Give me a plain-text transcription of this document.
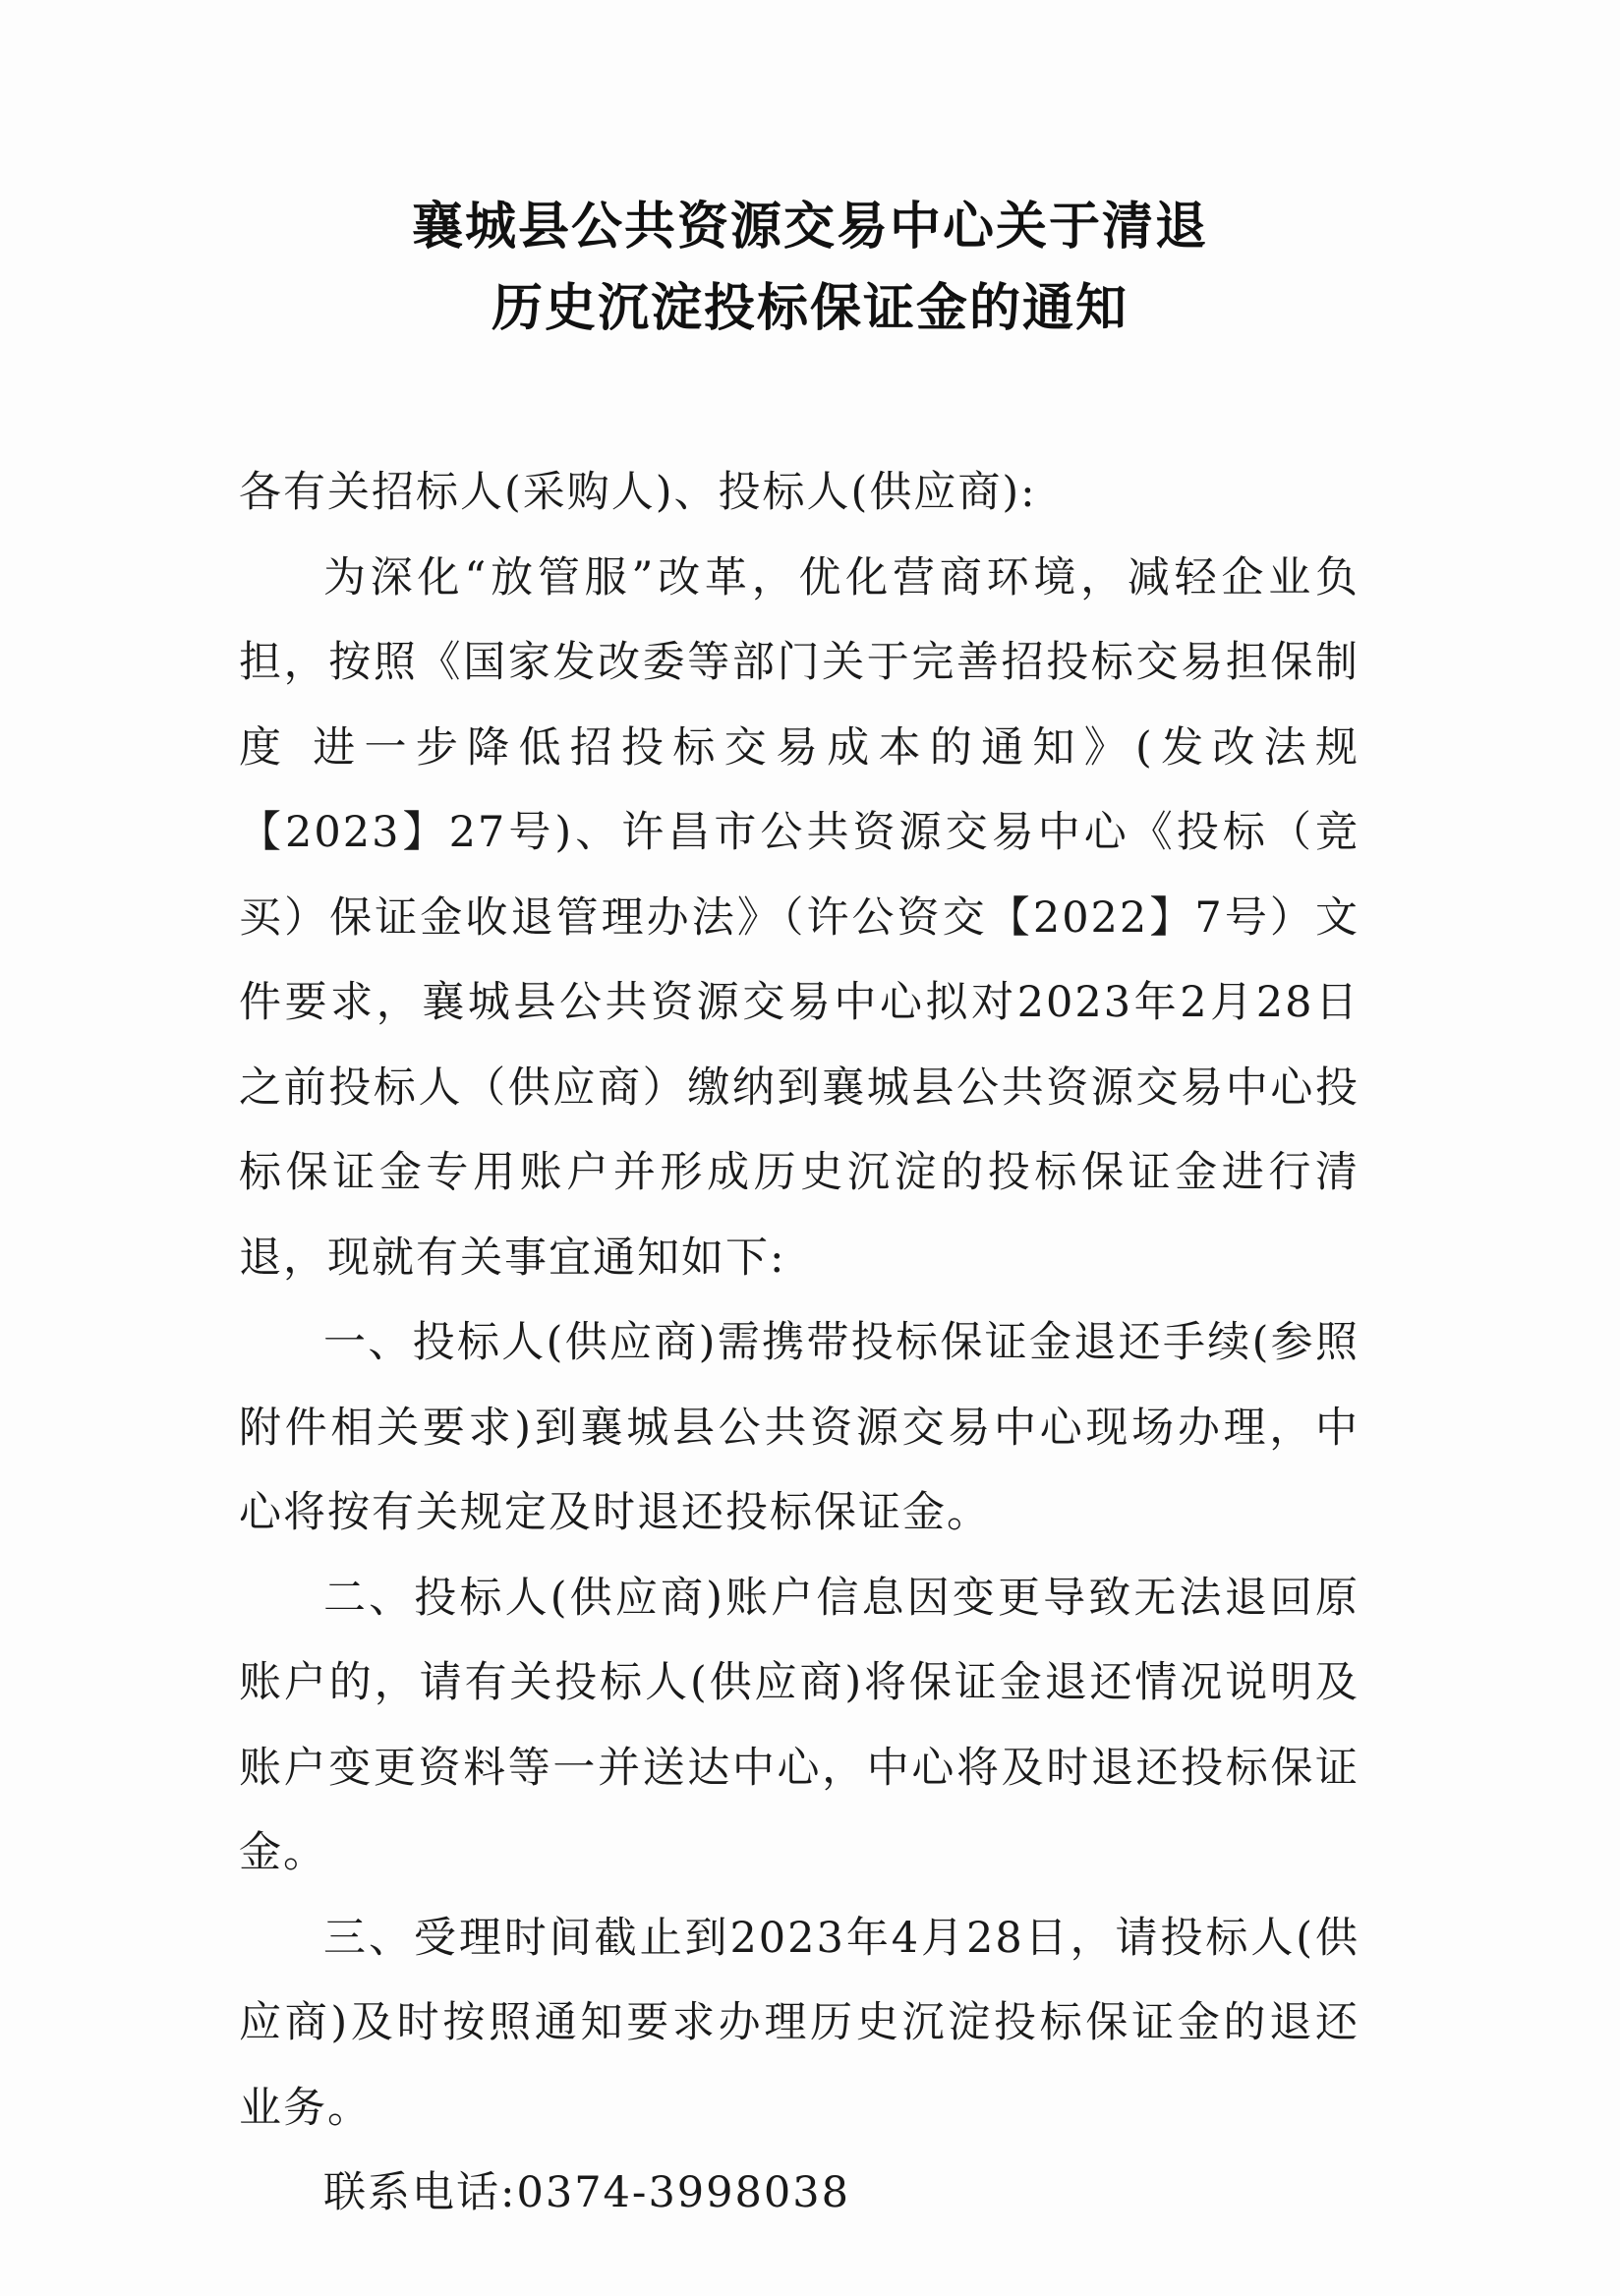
襄城县公共资源交易中心关于清退
历史沉淀投标保证金的通知

各有关招标人(采购人)、投标人(供应商):

为深化“放管服”改革，优化营商环境，减轻企业负担，按照《国家发改委等部门关于完善招投标交易担保制度 进一步降低招投标交易成本的通知》(发改法规【2023】27号)、许昌市公共资源交易中心《投标（竞买）保证金收退管理办法》（许公资交【2022】7号）文件要求，襄城县公共资源交易中心拟对2023年2月28日之前投标人（供应商）缴纳到襄城县公共资源交易中心投标保证金专用账户并形成历史沉淀的投标保证金进行清退，现就有关事宜通知如下:

一、投标人(供应商)需携带投标保证金退还手续(参照附件相关要求)到襄城县公共资源交易中心现场办理，中心将按有关规定及时退还投标保证金。

二、投标人(供应商)账户信息因变更导致无法退回原账户的，请有关投标人(供应商)将保证金退还情况说明及账户变更资料等一并送达中心，中心将及时退还投标保证金。

三、受理时间截止到2023年4月28日，请投标人(供应商)及时按照通知要求办理历史沉淀投标保证金的退还业务。

联系电话:0374-3998038
